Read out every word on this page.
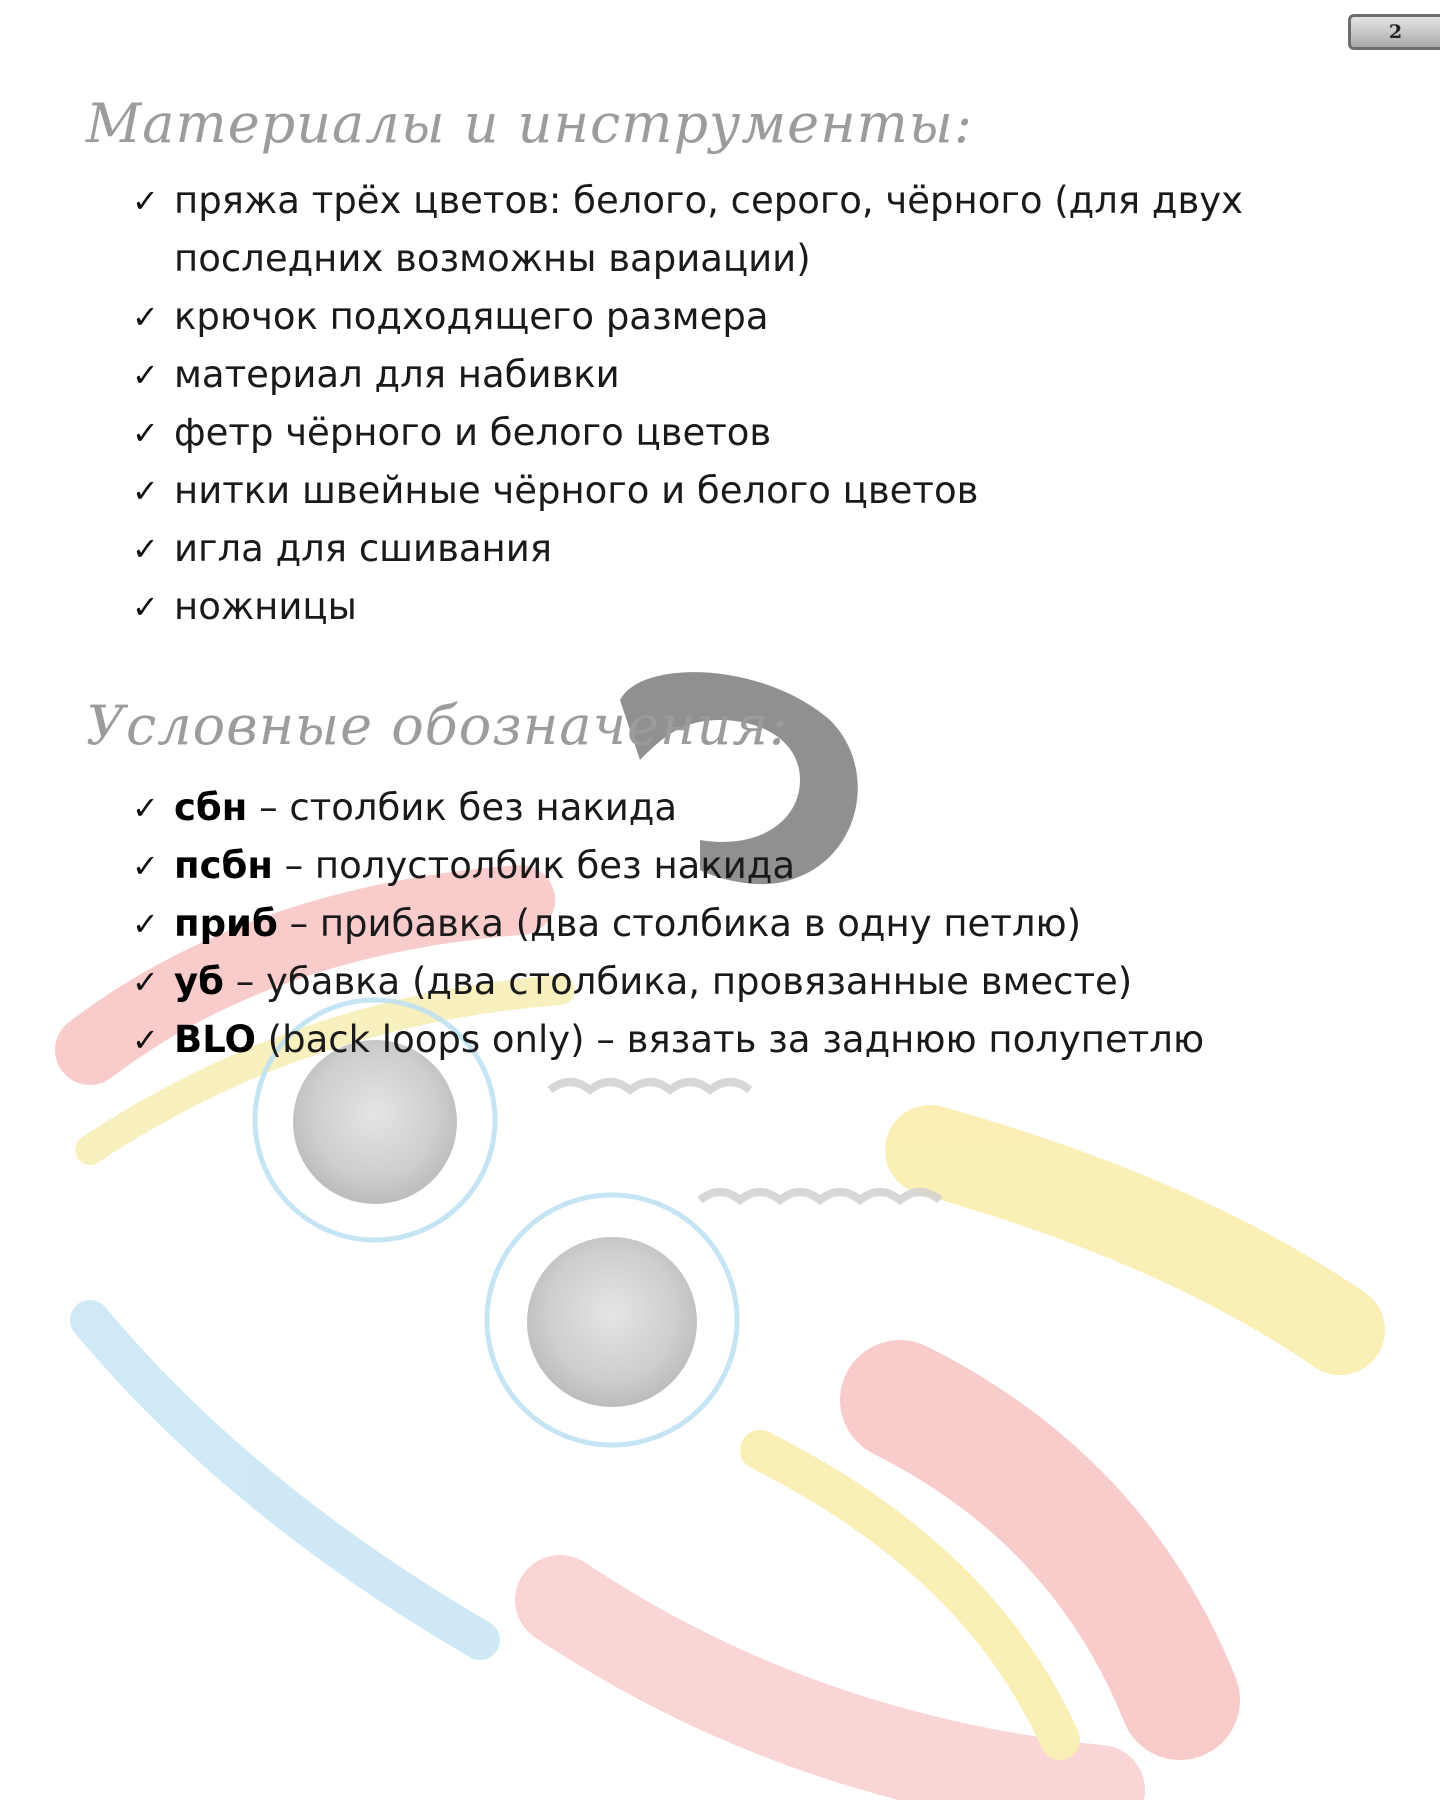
2
Материалы и инструменты:
✓ пряжа трёх цветов: белого, серого, чёрного (для двух
последних возможны вариации)
✓ крючок подходящего размера
✓ материал для набивки
✓ фетр чёрного и белого цветов
✓ нитки швейные чёрного и белого цветов
✓ игла для сшивания
✓ ножницы
Условные обозначения:
✓ сбн – столбик без накида
✓ псбн – полустолбик без накида
✓ приб – прибавка (два столбика в одну петлю)
✓ уб – убавка (два столбика, провязанные вместе)
✓ BLO (back loops only) – вязать за заднюю полупетлю
